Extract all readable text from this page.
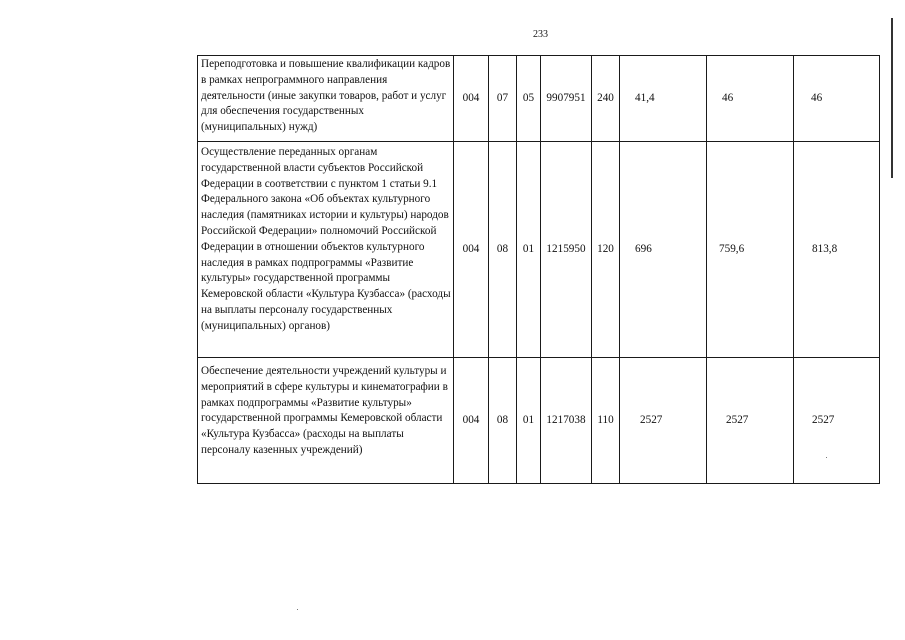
233
Переподготовка и повышение квалификации кадров в рамках непрограммного направления деятельности (иные закупки товаров, работ и услуг для обеспечения государственных (муниципальных) нужд)	004	07	05	9907951	240	41,4	46	46
Осуществление переданных органам государственной власти субъектов Российской Федерации в соответствии с пунктом 1 статьи 9.1 Федерального закона «Об объектах культурного наследия (памятниках истории и культуры) народов Российской Федерации» полномочий Российской Федерации в отношении объектов культурного наследия в рамках подпрограммы «Развитие культуры» государственной программы Кемеровской области «Культура Кузбасса» (расходы на выплаты персоналу государственных (муниципальных) органов)	004	08	01	1215950	120	696	759,6	813,8
Обеспечение деятельности учреждений культуры и мероприятий в сфере культуры и кинематографии в рамках подпрограммы «Развитие культуры» государственной программы Кемеровской области «Культура Кузбасса» (расходы на выплаты персоналу казенных учреждений)	004	08	01	1217038	110	2527	2527	2527
